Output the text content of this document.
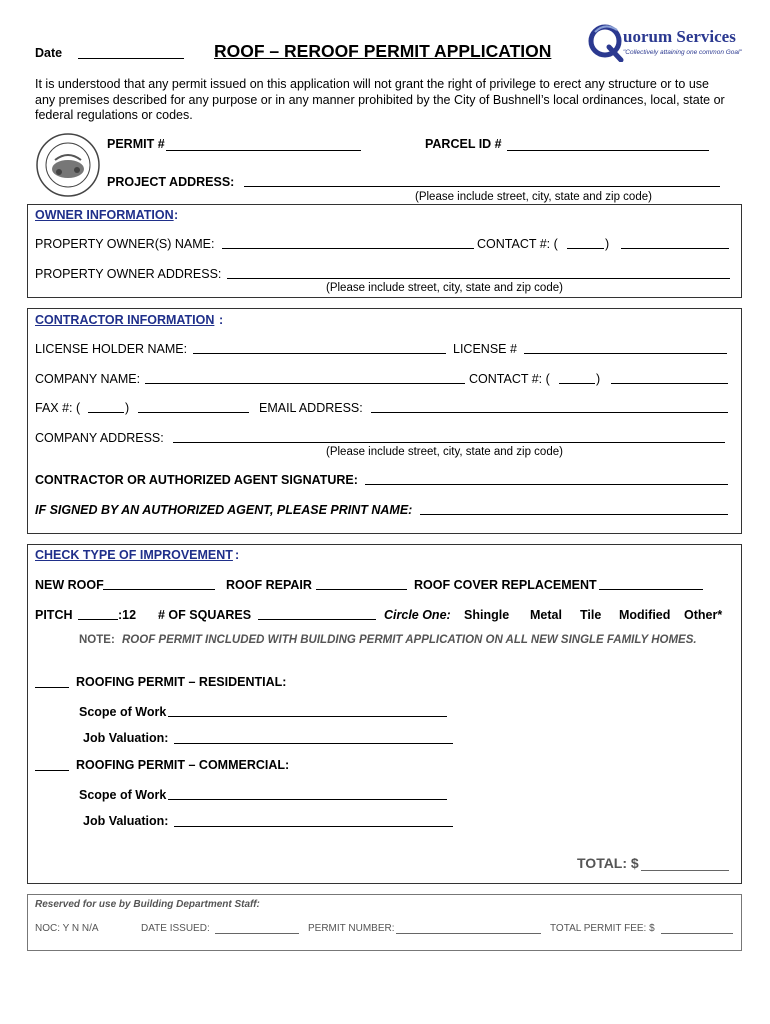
Date	ROOF – REROOF PERMIT APPLICATION
uorum Services
"Collectively attaining one common Goal"
It is understood that any permit issued on this application will not grant the right of privilege to erect any structure or to use
any premises described for any purpose or in any manner prohibited by the City of Bushnell’s local ordinances, local, state or
federal regulations or codes.
PERMIT #	PARCEL ID #
PROJECT ADDRESS:
(Please include street, city, state and zip code)
OWNER INFORMATION :
PROPERTY OWNER(S) NAME:	CONTACT #: (	)
PROPERTY OWNER ADDRESS:
(Please include street, city, state and zip code)
CONTRACTOR INFORMATION :
LICENSE HOLDER NAME:	LICENSE #
COMPANY NAME:	CONTACT #: (	)
FAX #: (	)	EMAIL ADDRESS:
COMPANY ADDRESS:
(Please include street, city, state and zip code)
CONTRACTOR OR AUTHORIZED AGENT SIGNATURE:
IF SIGNED BY AN AUTHORIZED AGENT, PLEASE PRINT NAME:
CHECK TYPE OF IMPROVEMENT :
NEW ROOF	ROOF REPAIR	ROOF COVER REPLACEMENT
PITCH	:12 # OF SQUARES	Circle One: Shingle Metal Tile Modified Other*
NOTE: ROOF PERMIT INCLUDED WITH BUILDING PERMIT APPLICATION ON ALL NEW SINGLE FAMILY HOMES.
ROOFING PERMIT – RESIDENTIAL:
Scope of Work
Job Valuation:
ROOFING PERMIT – COMMERCIAL:
Scope of Work
Job Valuation:
TOTAL: $
Reserved for use by Building Department Staff:
NOC: Y N N/A	DATE ISSUED:	PERMIT NUMBER:	TOTAL PERMIT FEE: $
